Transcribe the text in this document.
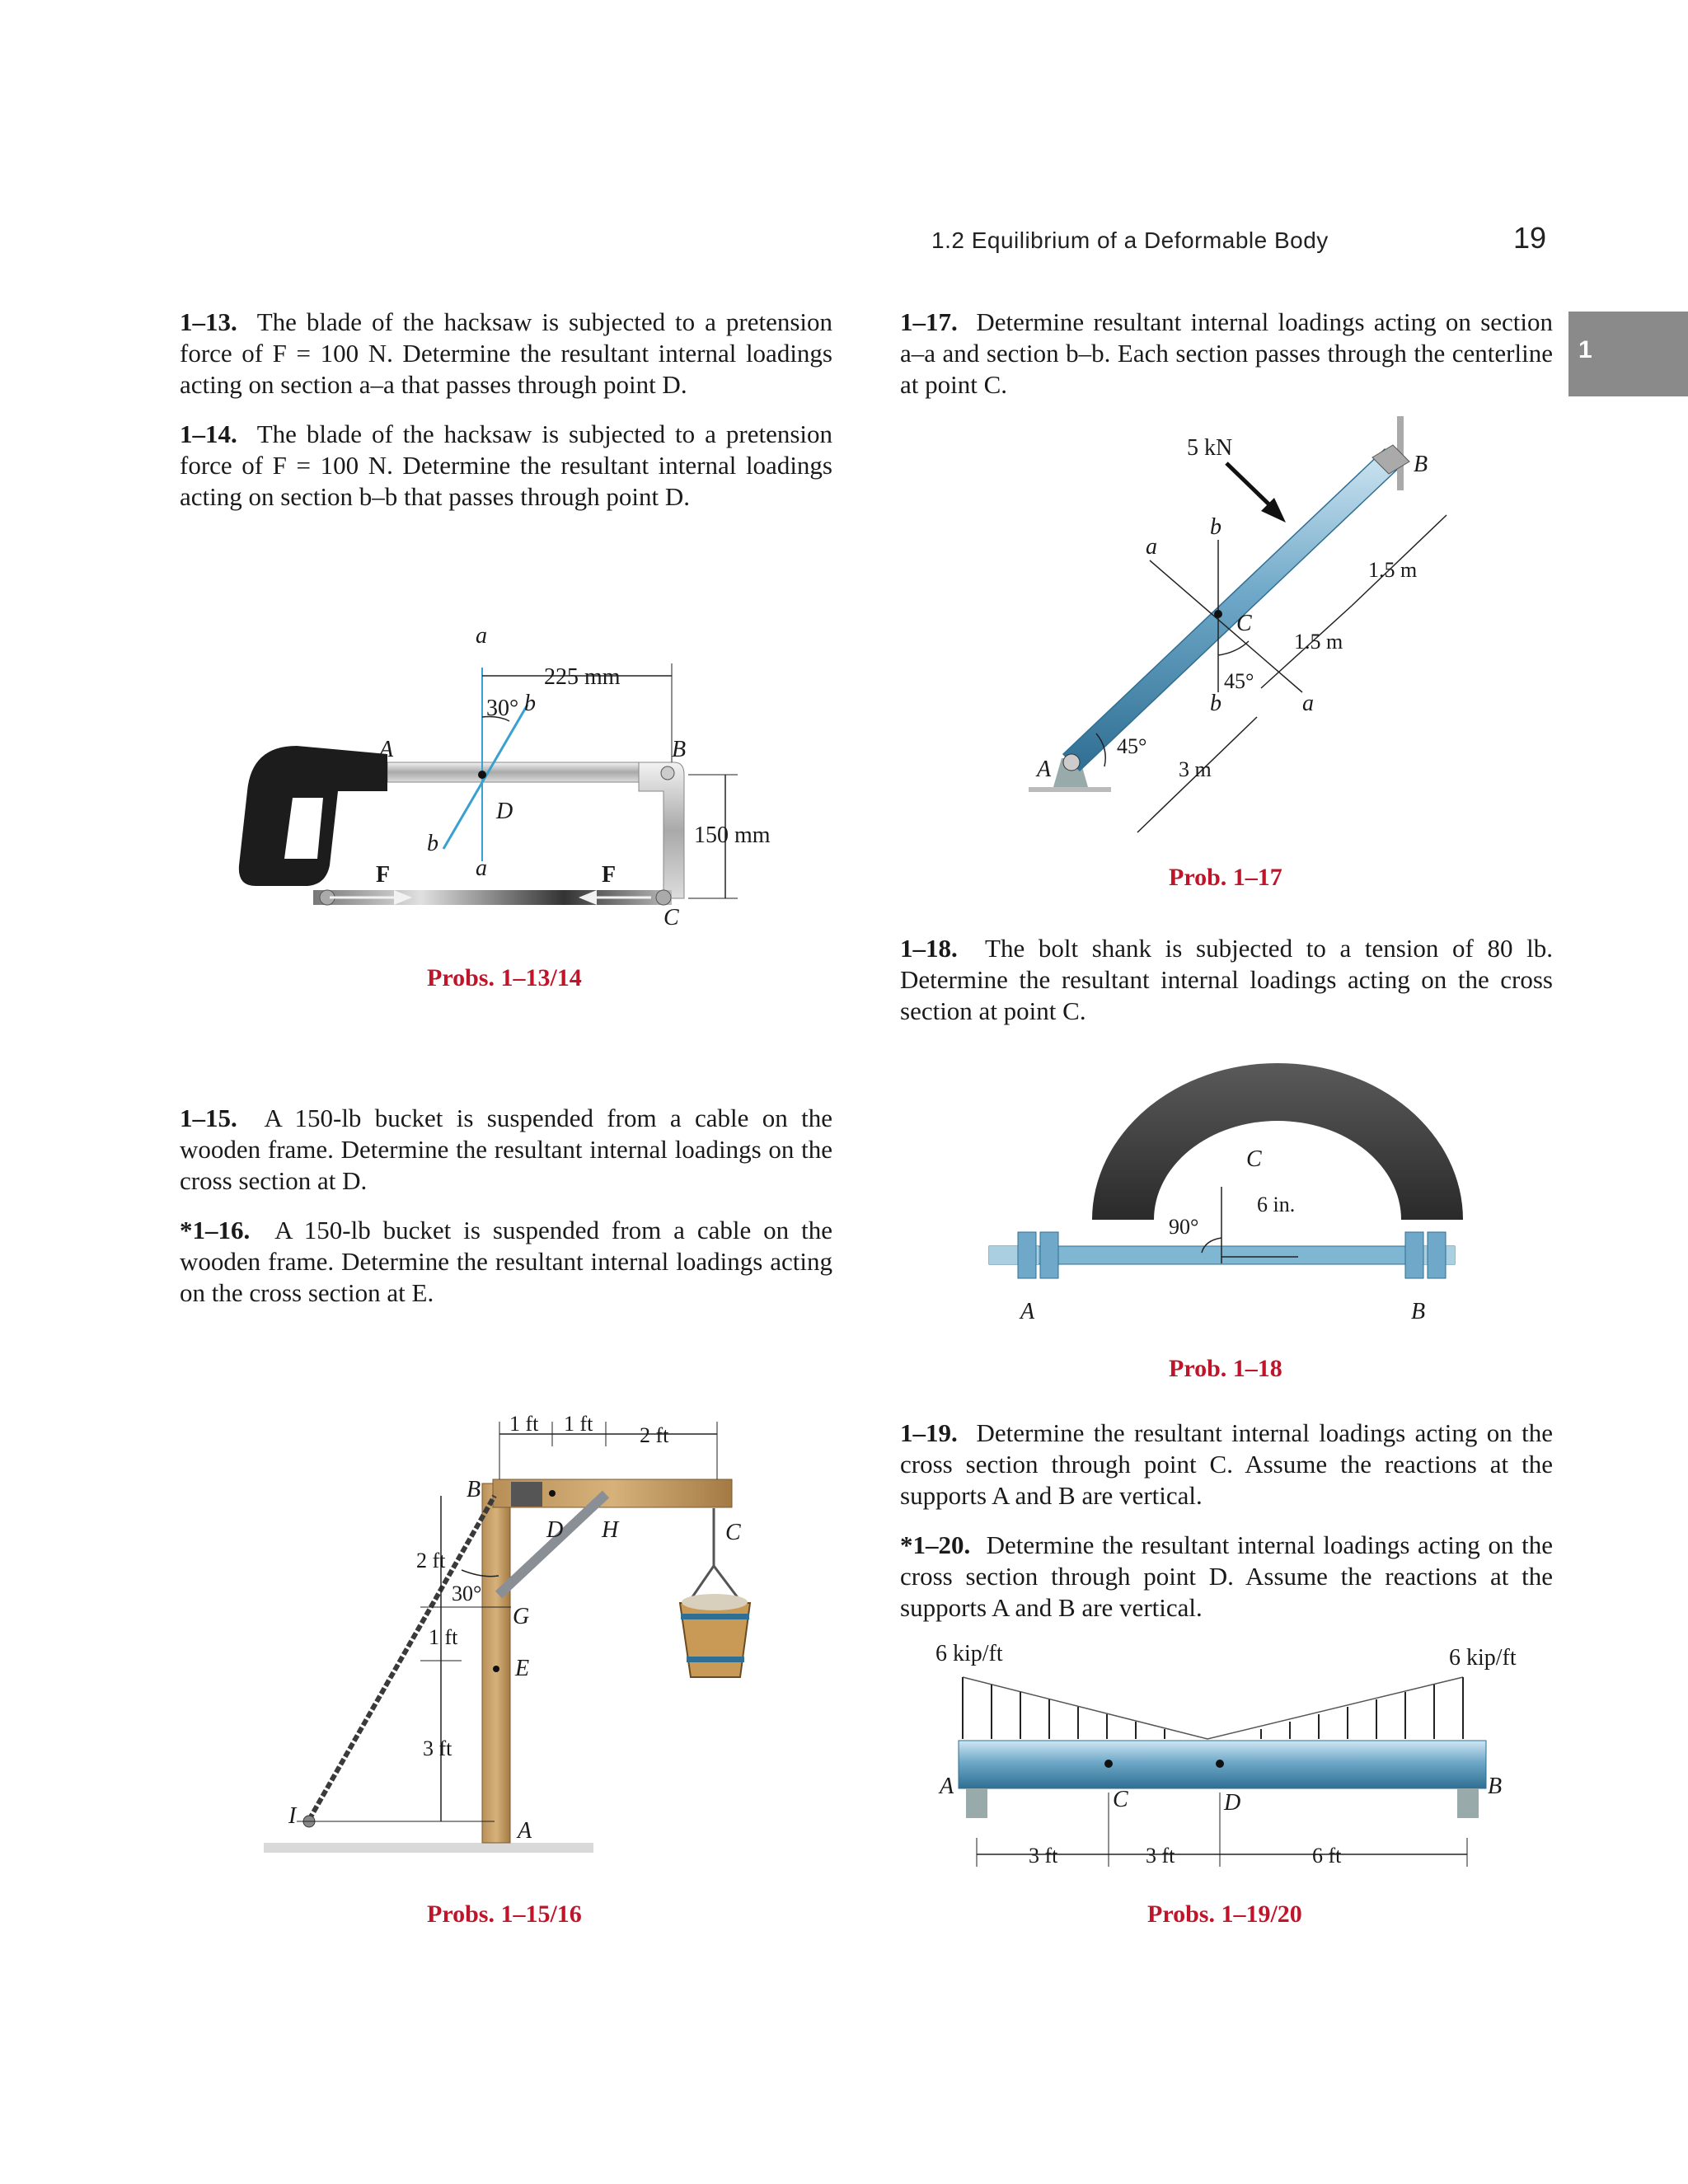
1.2 Equilibrium of a Deformable Body	19
1
1–13. The blade of the hacksaw is subjected to a pretension force of F = 100 N. Determine the resultant internal loadings acting on section a–a that passes through point D.
1–14. The blade of the hacksaw is subjected to a pretension force of F = 100 N. Determine the resultant internal loadings acting on section b–b that passes through point D.
1–15. A 150-lb bucket is suspended from a cable on the wooden frame. Determine the resultant internal loadings on the cross section at D.
*1–16. A 150-lb bucket is suspended from a cable on the wooden frame. Determine the resultant internal loadings acting on the cross section at E.
1–17. Determine resultant internal loadings acting on section a–a and section b–b. Each section passes through the centerline at point C.
1–18. The bolt shank is subjected to a tension of 80 lb. Determine the resultant internal loadings acting on the cross section at point C.
1–19. Determine the resultant internal loadings acting on the cross section through point C. Assume the reactions at the supports A and B are vertical.
*1–20. Determine the resultant internal loadings acting on the cross section through point D. Assume the reactions at the supports A and B are vertical.
Probs. 1–13/14
Probs. 1–15/16
Prob. 1–17
Prob. 1–18
Probs. 1–19/20
a
a
b
b
A	B
C
D
F	F
225 mm
150 mm
30°
B
C
D H
G
E
A
I
1 ft 1 ft 2 ft
2 ft
1 ft
3 ft
30°
5 kN
B
A
C
a
a
b
b
1.5 m
1.5 m
3 m
45°
45°
C
A	B
6 in.
90°
6 kip/ft	6 kip/ft
A	B
C	D
3 ft	3 ft	6 ft
